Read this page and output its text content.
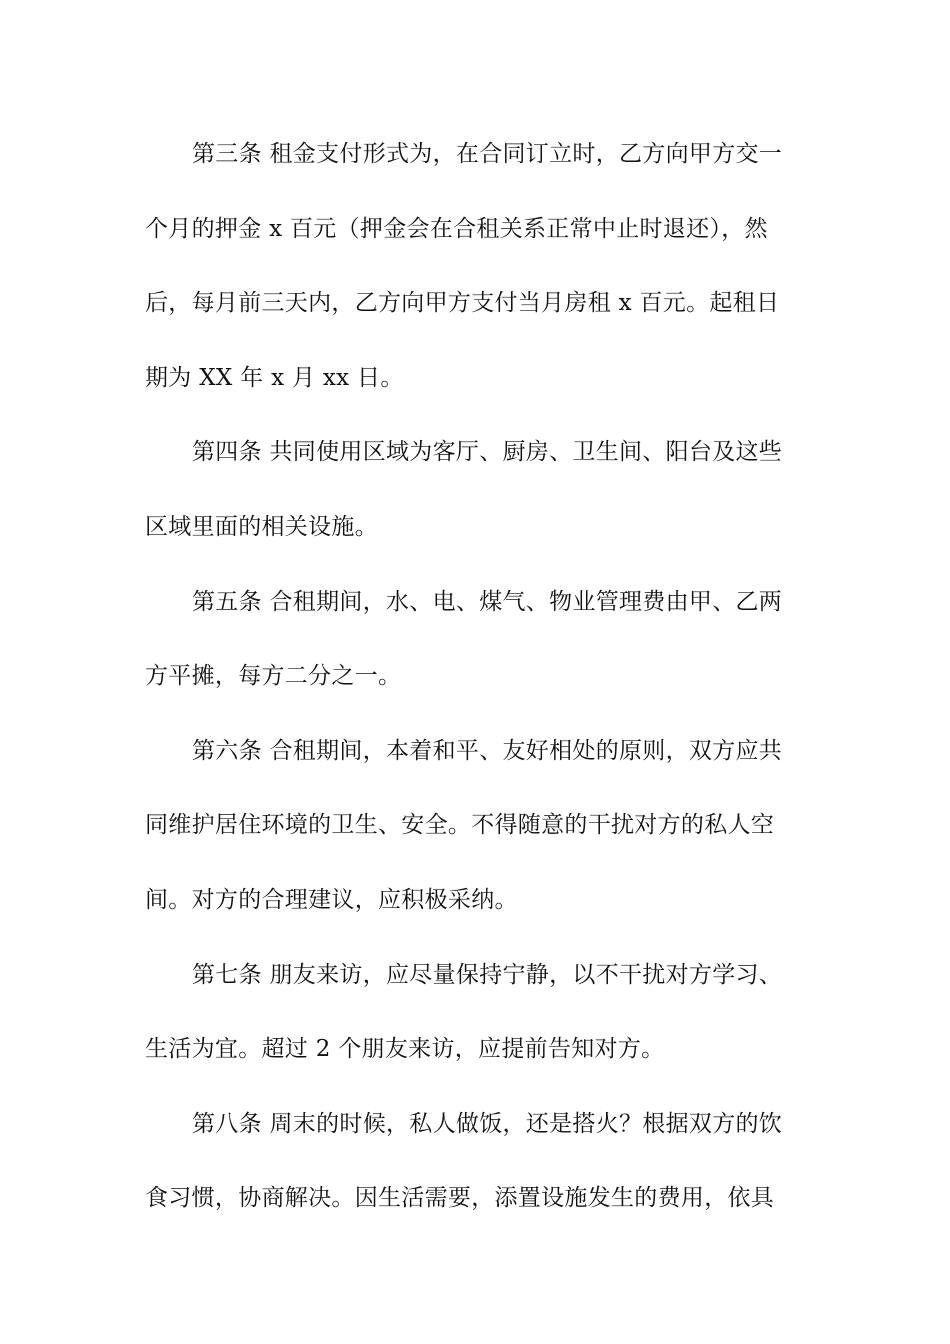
第三条 租金支付形式为，在合同订立时，乙方向甲方交一
个月的押金 x 百元（押金会在合租关系正常中止时退还），然
后，每月前三天内，乙方向甲方支付当月房租 x 百元。起租日
期为 XX 年 x 月 xx 日。
第四条 共同使用区域为客厅、厨房、卫生间、阳台及这些
区域里面的相关设施。
第五条 合租期间，水、电、煤气、物业管理费由甲、乙两
方平摊，每方二分之一。
第六条 合租期间，本着和平、友好相处的原则，双方应共
同维护居住环境的卫生、安全。不得随意的干扰对方的私人空
间。对方的合理建议，应积极采纳。
第七条 朋友来访，应尽量保持宁静，以不干扰对方学习、
生活为宜。超过 2 个朋友来访，应提前告知对方。
第八条 周末的时候，私人做饭，还是搭火？根据双方的饮
食习惯，协商解决。因生活需要，添置设施发生的费用，依具
